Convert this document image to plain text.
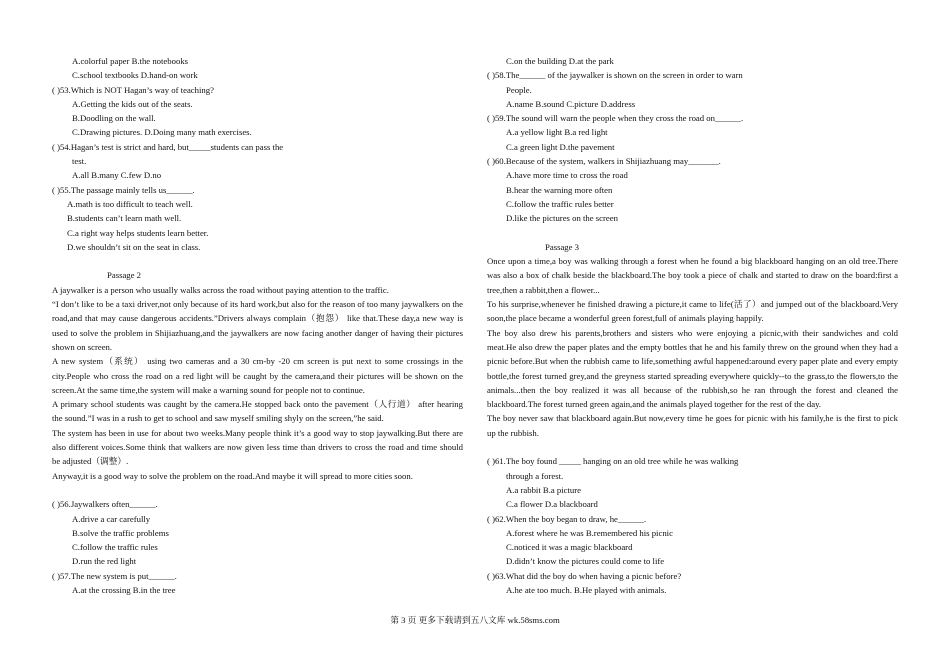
A.colorful paper B.the notebooks
C.school textbooks D.hand-on work
( )53.Which is NOT Hagan’s way of teaching?
A.Getting the kids out of the seats.
B.Doodling on the wall.
C.Drawing pictures. D.Doing many math exercises.
( )54.Hagan’s test is strict and hard, but_____students can pass the
test.
A.all B.many C.few D.no
( )55.The passage mainly tells us______.
A.math is too difficult to teach well.
B.students can’t learn math well.
C.a right way helps students learn better.
D.we shouldn’t sit on the seat in class.
Passage 2
A jaywalker is a person who usually walks across the road without paying attention to the traffic.
“I don’t like to be a taxi driver,not only because of its hard work,but also for the reason of too many jaywalkers on the road,and that may cause dangerous accidents.”Drivers always complain（抱怨） like that.These day,a new way is used to solve the problem in Shijiazhuang,and the jaywalkers are now facing another danger of having their pictures shown on screen.
A new system（系统） using two cameras and a 30 cm-by -20 cm screen is put next to some crossings in the city.People who cross the road on a red light will be caught by the camera,and their pictures will be shown on the screen.At the same time,the system will make a warning sound for people not to continue.
A primary school students was caught by the camera.He stopped back onto the pavement（人行道） after hearing the sound.”I was in a rush to get to school and saw myself smiling shyly on the screen,”he said.
The system has been in use for about two weeks.Many people think it’s a good way to stop jaywalking.But there are also different voices.Some think that walkers are now given less time than drivers to cross the road and time should be adjusted（调整）.
Anyway,it is a good way to solve the problem on the road.And maybe it will spread to more cities soon.
( )56.Jaywalkers often______.
A.drive a car carefully
B.solve the traffic problems
C.follow the traffic rules
D.run the red light
( )57.The new system is put______.
A.at the crossing B.in the tree
C.on the building D.at the park
( )58.The______ of the jaywalker is shown on the screen in order to warn
People.
A.name B.sound C.picture D.address
( )59.The sound will warn the people when they cross the road on______.
A.a yellow light B.a red light
C.a green light D.the pavement
( )60.Because of the system, walkers in Shijiazhuang may_______.
A.have more time to cross the road
B.hear the warning more often
C.follow the traffic rules better
D.like the pictures on the screen
Passage 3
Once upon a time,a boy was walking through a forest when he found a big blackboard hanging on an old tree.There was also a box of chalk beside the blackboard.The boy took a piece of chalk and started to draw on the board:first a tree,then a rabbit,then a flower...
To his surprise,whenever he finished drawing a picture,it came to life(活了）and jumped out of the blackboard.Very soon,the place became a wonderful green forest,full of animals playing happily.
The boy also drew his parents,brothers and sisters who were enjoying a picnic,with their sandwiches and cold meat.He also drew the paper plates and the empty bottles that he and his family threw on the ground when they had a picnic before.But when the rubbish came to life,something awful happened:around every paper plate and every empty bottle,the forest turned grey,and the greyness started spreading everywhere quickly--to the grass,to the flowers,to the animals...then the boy realized it was all because of the rubbish,so he ran through the forest and cleaned the blackboard.The forest turned green again,and the animals played together for the rest of the day.
The boy never saw that blackboard again.But now,every time he goes for picnic with his family,he is the first to pick up the rubbish.
( )61.The boy found _____ hanging on an old tree while he was walking
through a forest.
A.a rabbit B.a picture
C.a flower D.a blackboard
( )62.When the boy began to draw, he______.
A.forest where he was B.remembered his picnic
C.noticed it was a magic blackboard
D.didn’t know the pictures could come to life
( )63.What did the boy do when having a picnic before?
A.he ate too much. B.He played with animals.
第 3 页 更多下载请到五八文库 wk.58sms.com
